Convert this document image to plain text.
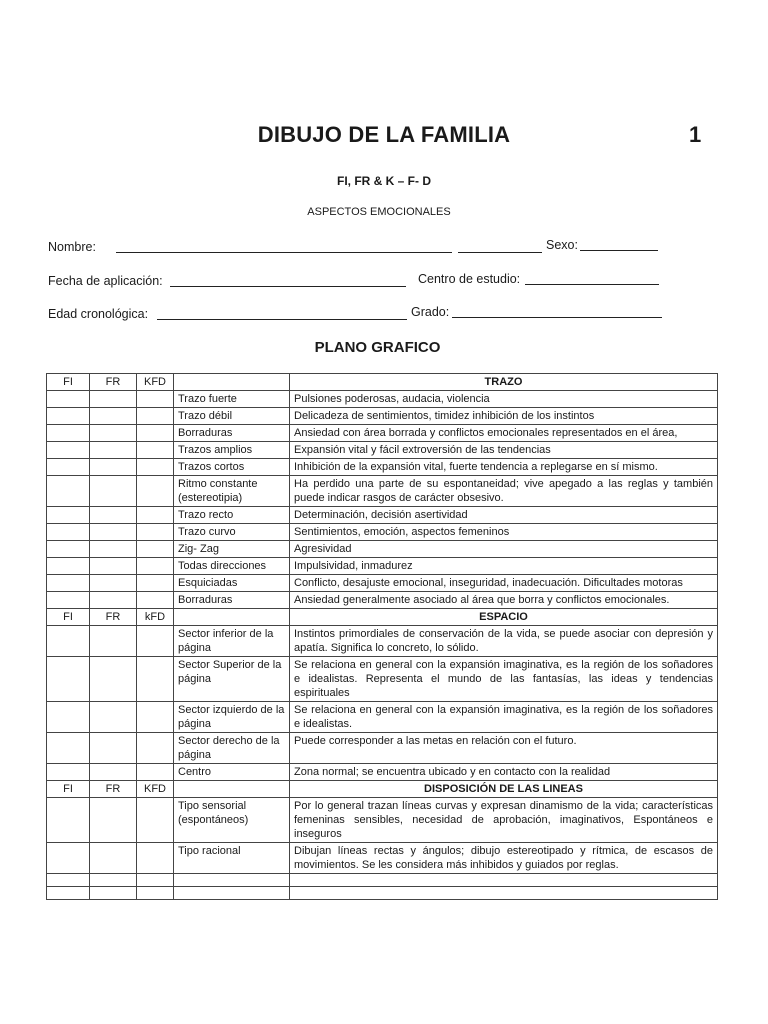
DIBUJO DE LA FAMILIA	1
FI, FR & K – F- D
ASPECTOS EMOCIONALES
Nombre:	Sexo:
Fecha de aplicación:	Centro de estudio:
Edad cronológica:	Grado:
PLANO GRAFICO
FI	FR	KFD		TRAZO
			Trazo fuerte	Pulsiones poderosas, audacia, violencia
			Trazo débil	Delicadeza de sentimientos, timidez inhibición de los instintos
			Borraduras	Ansiedad con área borrada y conflictos emocionales representados en el área,
			Trazos amplios	Expansión vital y fácil extroversión de las tendencias
			Trazos cortos	Inhibición de la expansión vital, fuerte tendencia a replegarse en sí mismo.
			Ritmo constante (estereotipia)	Ha perdido una parte de su espontaneidad; vive apegado a las reglas y también puede indicar rasgos de carácter obsesivo.
			Trazo recto	Determinación, decisión asertividad
			Trazo curvo	Sentimientos, emoción, aspectos femeninos
			Zig- Zag	Agresividad
			Todas direcciones	Impulsividad, inmadurez
			Esquiciadas	Conflicto, desajuste emocional, inseguridad, inadecuación. Dificultades motoras
			Borraduras	Ansiedad generalmente asociado al área que borra y conflictos emocionales.
FI	FR	kFD		ESPACIO
			Sector inferior de la página	Instintos primordiales de conservación de la vida, se puede asociar con depresión y apatía. Significa lo concreto, lo sólido.
			Sector Superior de la página	Se relaciona en general con la expansión imaginativa, es la región de los soñadores e idealistas. Representa el mundo de las fantasías, las ideas y tendencias espirituales
			Sector izquierdo de la página	Se relaciona en general con la expansión imaginativa, es la región de los soñadores e idealistas.
			Sector derecho de la página	Puede corresponder a las metas en relación con el futuro.
			Centro	Zona normal; se encuentra ubicado y en contacto con la realidad
FI	FR	KFD		DISPOSICIÓN DE LAS LINEAS
			Tipo sensorial (espontáneos)	Por lo general trazan líneas curvas y expresan dinamismo de la vida; características femeninas sensibles, necesidad de aprobación, imaginativos, Espontáneos e inseguros
			Tipo racional	Dibujan líneas rectas y ángulos; dibujo estereotipado y rítmica, de escasos de movimientos. Se les considera más inhibidos y guiados por reglas.
